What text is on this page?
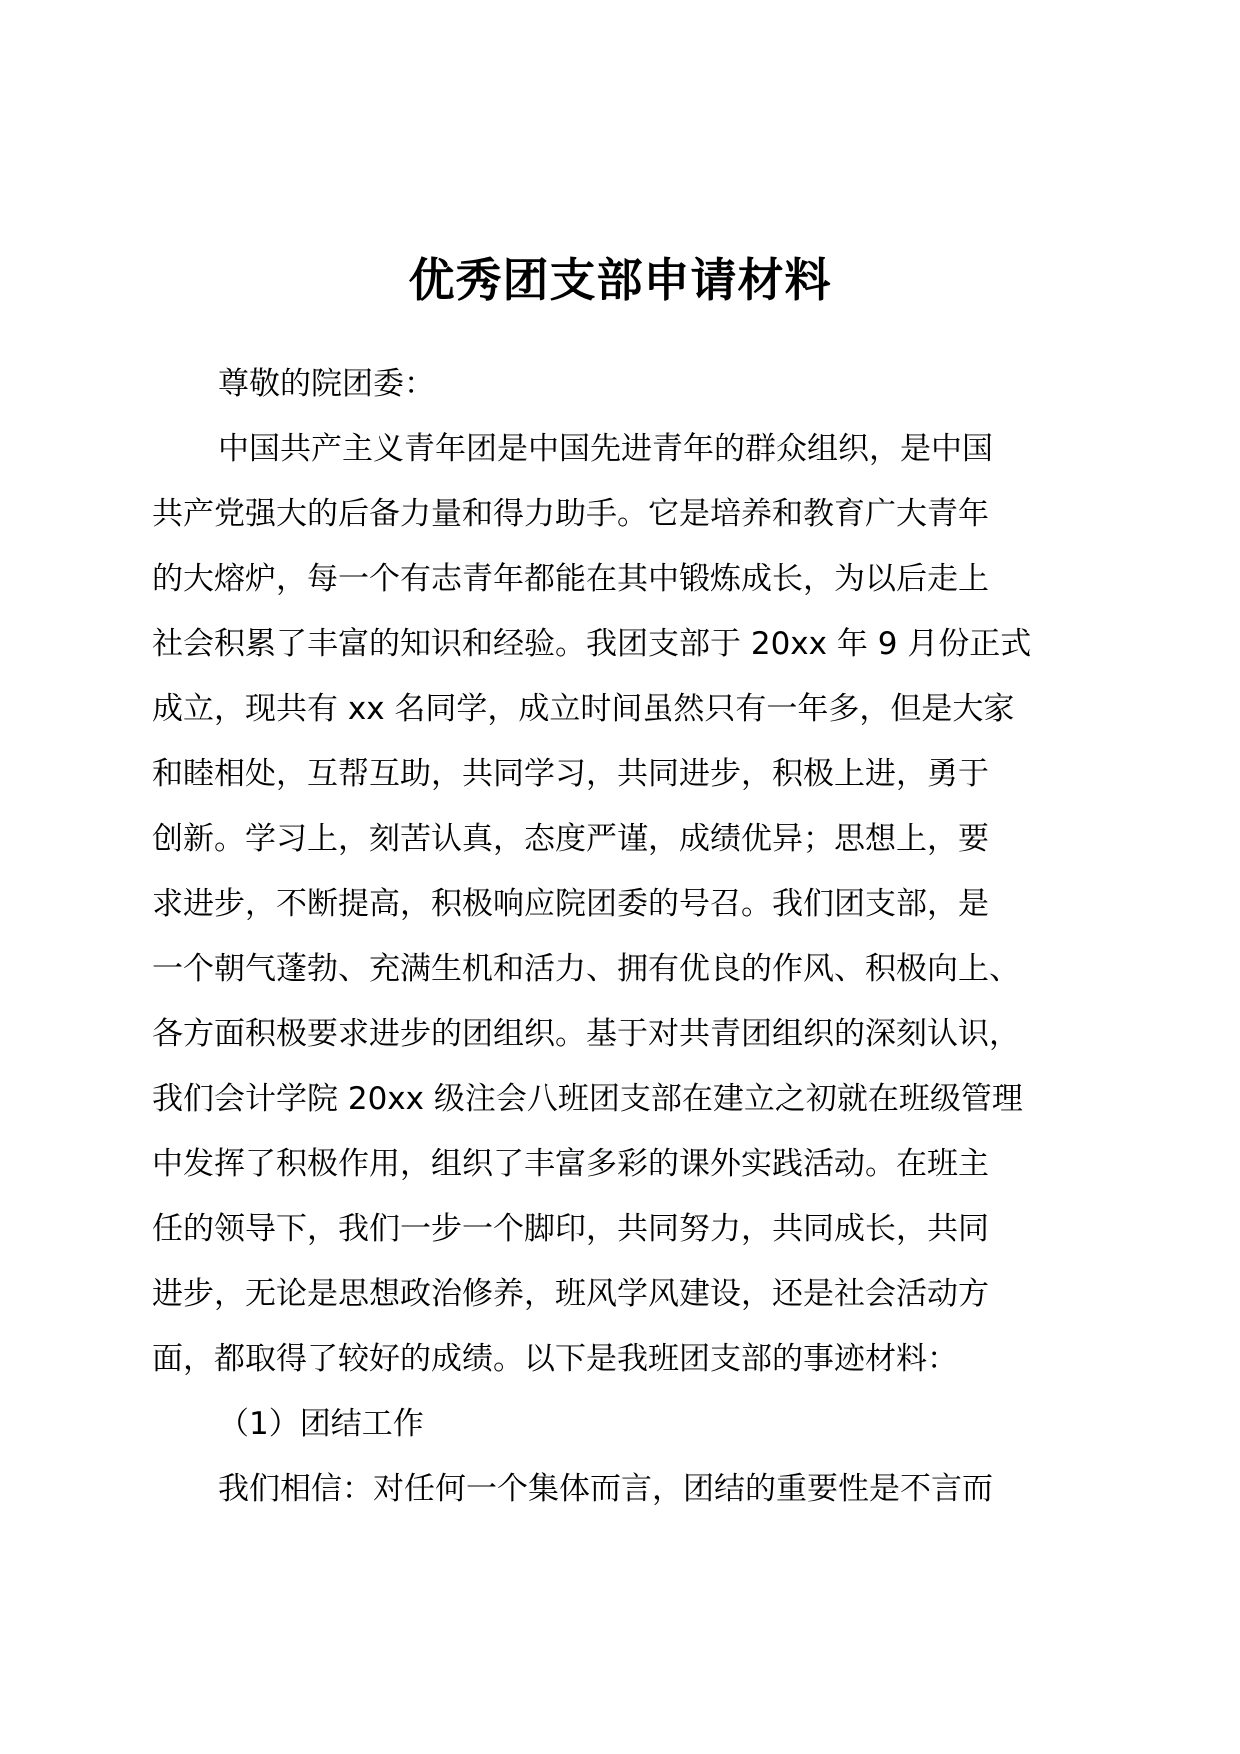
优秀团支部申请材料
尊敬的院团委：
中国共产主义青年团是中国先进青年的群众组织，是中国
共产党强大的后备力量和得力助手。它是培养和教育广大青年
的大熔炉，每一个有志青年都能在其中锻炼成长，为以后走上
社会积累了丰富的知识和经验。我团支部于 20xx 年 9 月份正式
成立，现共有 xx 名同学，成立时间虽然只有一年多，但是大家
和睦相处，互帮互助，共同学习，共同进步，积极上进，勇于
创新。学习上，刻苦认真，态度严谨，成绩优异；思想上，要
求进步，不断提高，积极响应院团委的号召。我们团支部，是
一个朝气蓬勃、充满生机和活力、拥有优良的作风、积极向上、
各方面积极要求进步的团组织。基于对共青团组织的深刻认识，
我们会计学院 20xx 级注会八班团支部在建立之初就在班级管理
中发挥了积极作用，组织了丰富多彩的课外实践活动。在班主
任的领导下，我们一步一个脚印，共同努力，共同成长，共同
进步，无论是思想政治修养，班风学风建设，还是社会活动方
面，都取得了较好的成绩。以下是我班团支部的事迹材料：
（1）团结工作
我们相信：对任何一个集体而言，团结的重要性是不言而
